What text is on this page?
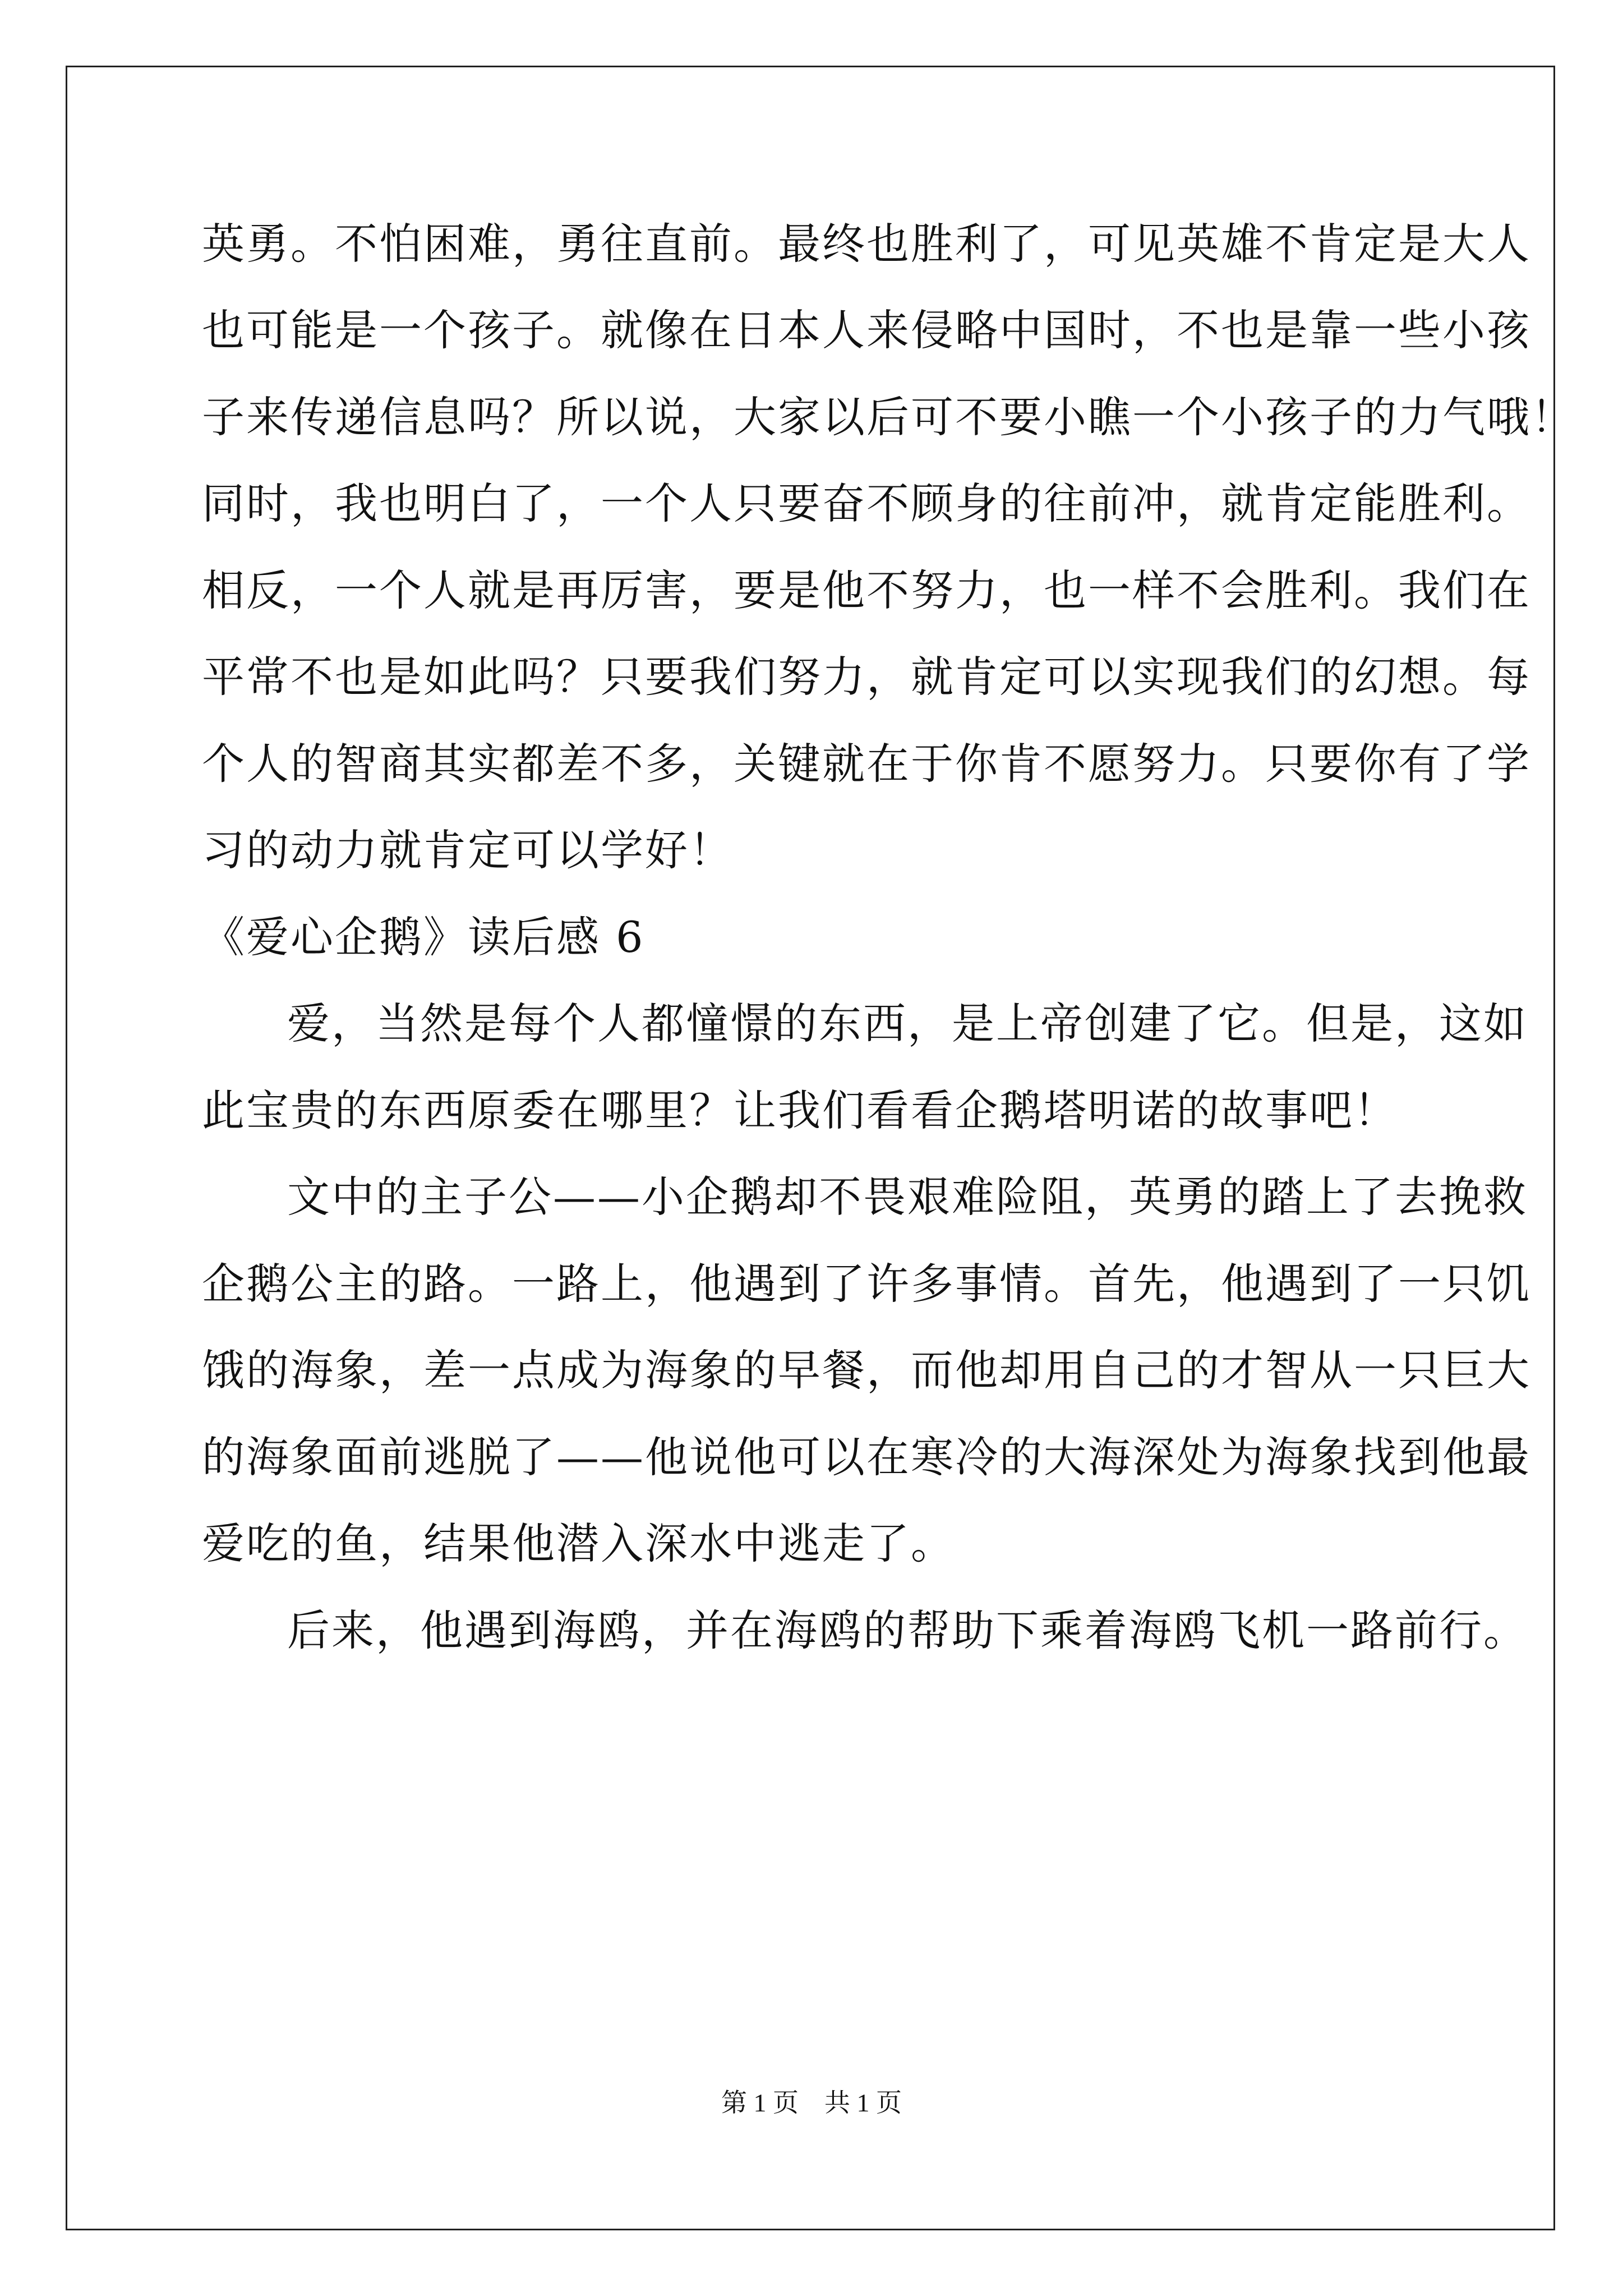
英勇。不怕困难，勇往直前。最终也胜利了，可见英雄不肯定是大人
也可能是一个孩子。就像在日本人来侵略中国时，不也是靠一些小孩
子来传递信息吗？所以说，大家以后可不要小瞧一个小孩子的力气哦！
同时，我也明白了，一个人只要奋不顾身的往前冲，就肯定能胜利。
相反，一个人就是再厉害，要是他不努力，也一样不会胜利。我们在
平常不也是如此吗？只要我们努力，就肯定可以实现我们的幻想。每
个人的智商其实都差不多，关键就在于你肯不愿努力。只要你有了学
习的动力就肯定可以学好！
《爱心企鹅》读后感 6
爱，当然是每个人都憧憬的东西，是上帝创建了它。但是，这如
此宝贵的东西原委在哪里？让我们看看企鹅塔明诺的故事吧！
文中的主子公——小企鹅却不畏艰难险阻，英勇的踏上了去挽救
企鹅公主的路。一路上，他遇到了许多事情。首先，他遇到了一只饥
饿的海象，差一点成为海象的早餐，而他却用自己的才智从一只巨大
的海象面前逃脱了——他说他可以在寒冷的大海深处为海象找到他最
爱吃的鱼，结果他潜入深水中逃走了。
后来，他遇到海鸥，并在海鸥的帮助下乘着海鸥飞机一路前行。
第 1 页　共 1 页
